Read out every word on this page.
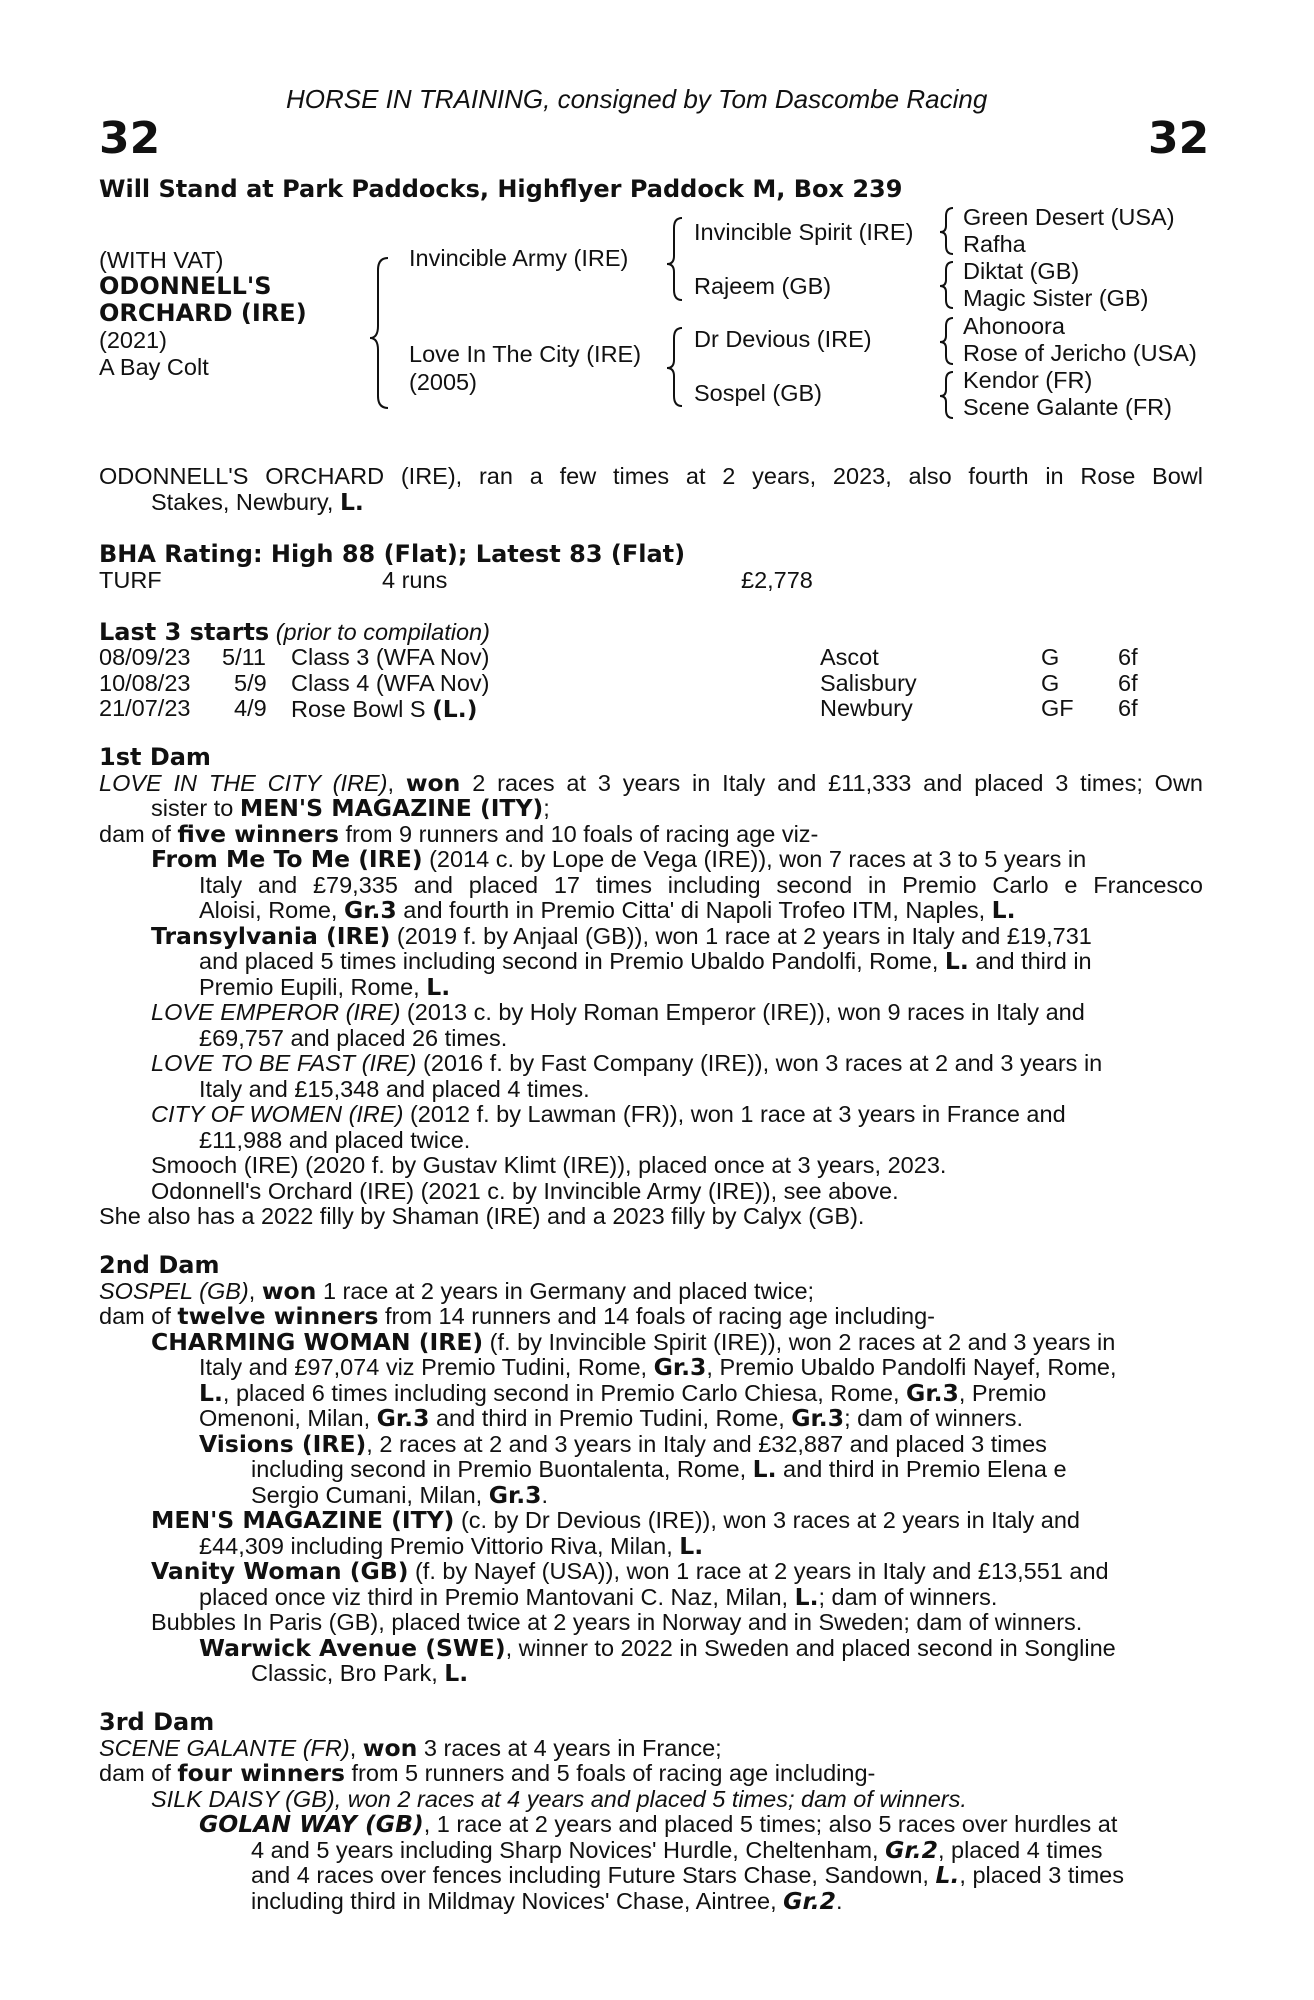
HORSE IN TRAINING, consigned by Tom Dascombe Racing
32	32
Will Stand at Park Paddocks, Highflyer Paddock M, Box 239
(WITH VAT)
ODONNELL'S
ORCHARD (IRE)
(2021)
A Bay Colt
Invincible Army (IRE)
Love In The City (IRE)
(2005)
Invincible Spirit (IRE)
Rajeem (GB)
Dr Devious (IRE)
Sospel (GB)
Green Desert (USA)
Rafha
Diktat (GB)
Magic Sister (GB)
Ahonoora
Rose of Jericho (USA)
Kendor (FR)
Scene Galante (FR)
ODONNELL'S ORCHARD (IRE), ran a few times at 2 years, 2023, also fourth in Rose Bowl
Stakes, Newbury, L.
BHA Rating: High 88 (Flat); Latest 83 (Flat)
TURF	4 runs	£2,778
Last 3 starts (prior to compilation)
08/09/23 5/11 Class 3 (WFA Nov)	Ascot	G 6f
10/08/23 5/9 Class 4 (WFA Nov)	Salisbury	G 6f
21/07/23 4/9 Rose Bowl S (L.)	Newbury	GF 6f
1st Dam
LOVE IN THE CITY (IRE), won 2 races at 3 years in Italy and £11,333 and placed 3 times; Own
sister to MEN'S MAGAZINE (ITY);
dam of five winners from 9 runners and 10 foals of racing age viz-
From Me To Me (IRE) (2014 c. by Lope de Vega (IRE)), won 7 races at 3 to 5 years in
Italy and £79,335 and placed 17 times including second in Premio Carlo e Francesco
Aloisi, Rome, Gr.3 and fourth in Premio Citta' di Napoli Trofeo ITM, Naples, L.
Transylvania (IRE) (2019 f. by Anjaal (GB)), won 1 race at 2 years in Italy and £19,731
and placed 5 times including second in Premio Ubaldo Pandolfi, Rome, L. and third in
Premio Eupili, Rome, L.
LOVE EMPEROR (IRE) (2013 c. by Holy Roman Emperor (IRE)), won 9 races in Italy and
£69,757 and placed 26 times.
LOVE TO BE FAST (IRE) (2016 f. by Fast Company (IRE)), won 3 races at 2 and 3 years in
Italy and £15,348 and placed 4 times.
CITY OF WOMEN (IRE) (2012 f. by Lawman (FR)), won 1 race at 3 years in France and
£11,988 and placed twice.
Smooch (IRE) (2020 f. by Gustav Klimt (IRE)), placed once at 3 years, 2023.
Odonnell's Orchard (IRE) (2021 c. by Invincible Army (IRE)), see above.
She also has a 2022 filly by Shaman (IRE) and a 2023 filly by Calyx (GB).
2nd Dam
SOSPEL (GB), won 1 race at 2 years in Germany and placed twice;
dam of twelve winners from 14 runners and 14 foals of racing age including-
CHARMING WOMAN (IRE) (f. by Invincible Spirit (IRE)), won 2 races at 2 and 3 years in
Italy and £97,074 viz Premio Tudini, Rome, Gr.3, Premio Ubaldo Pandolfi Nayef, Rome,
L., placed 6 times including second in Premio Carlo Chiesa, Rome, Gr.3, Premio
Omenoni, Milan, Gr.3 and third in Premio Tudini, Rome, Gr.3; dam of winners.
Visions (IRE), 2 races at 2 and 3 years in Italy and £32,887 and placed 3 times
including second in Premio Buontalenta, Rome, L. and third in Premio Elena e
Sergio Cumani, Milan, Gr.3.
MEN'S MAGAZINE (ITY) (c. by Dr Devious (IRE)), won 3 races at 2 years in Italy and
£44,309 including Premio Vittorio Riva, Milan, L.
Vanity Woman (GB) (f. by Nayef (USA)), won 1 race at 2 years in Italy and £13,551 and
placed once viz third in Premio Mantovani C. Naz, Milan, L.; dam of winners.
Bubbles In Paris (GB), placed twice at 2 years in Norway and in Sweden; dam of winners.
Warwick Avenue (SWE), winner to 2022 in Sweden and placed second in Songline
Classic, Bro Park, L.
3rd Dam
SCENE GALANTE (FR), won 3 races at 4 years in France;
dam of four winners from 5 runners and 5 foals of racing age including-
SILK DAISY (GB), won 2 races at 4 years and placed 5 times; dam of winners.
GOLAN WAY (GB), 1 race at 2 years and placed 5 times; also 5 races over hurdles at
4 and 5 years including Sharp Novices' Hurdle, Cheltenham, Gr.2, placed 4 times
and 4 races over fences including Future Stars Chase, Sandown, L., placed 3 times
including third in Mildmay Novices' Chase, Aintree, Gr.2.
